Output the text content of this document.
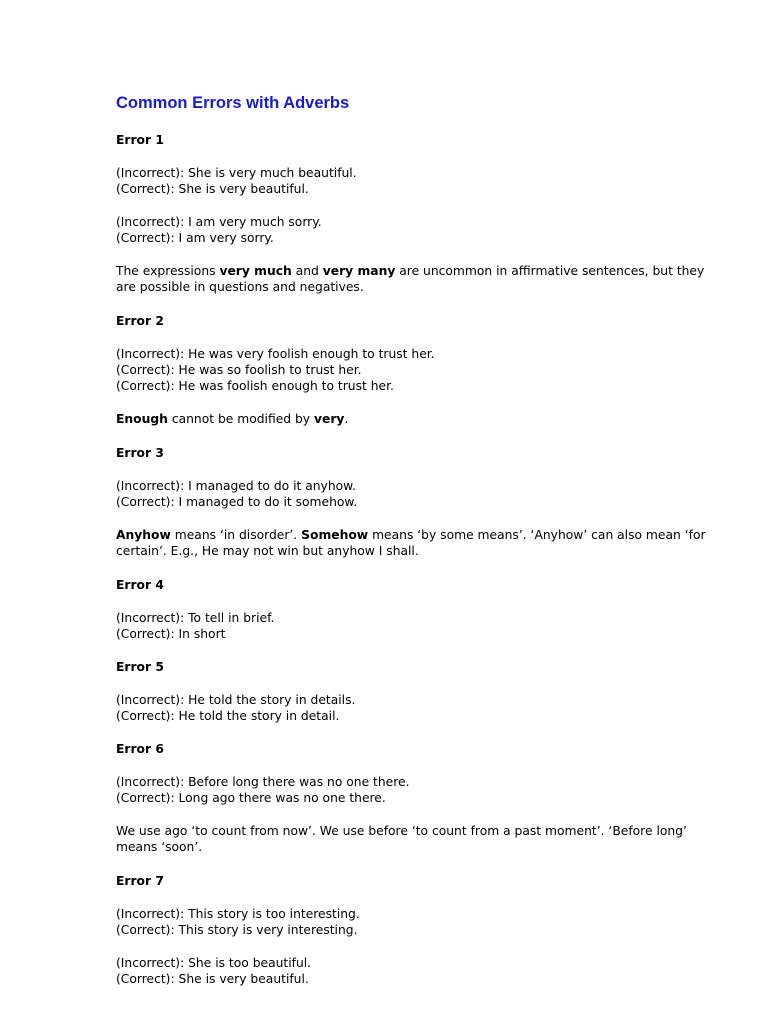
Common Errors with Adverbs
Error 1
(Incorrect): She is very much beautiful.
(Correct): She is very beautiful.
(Incorrect): I am very much sorry.
(Correct): I am very sorry.
The expressions very much and very many are uncommon in affirmative sentences, but they are possible in questions and negatives.
Error 2
(Incorrect): He was very foolish enough to trust her.
(Correct): He was so foolish to trust her.
(Correct): He was foolish enough to trust her.
Enough cannot be modified by very.
Error 3
(Incorrect): I managed to do it anyhow.
(Correct): I managed to do it somehow.
Anyhow means ‘in disorder’. Somehow means ‘by some means’. ‘Anyhow’ can also mean ‘for certain’. E.g., He may not win but anyhow I shall.
Error 4
(Incorrect): To tell in brief.
(Correct): In short
Error 5
(Incorrect): He told the story in details.
(Correct): He told the story in detail.
Error 6
(Incorrect): Before long there was no one there.
(Correct): Long ago there was no one there.
We use ago ‘to count from now’. We use before ‘to count from a past moment’. ‘Before long’ means ‘soon’.
Error 7
(Incorrect): This story is too interesting.
(Correct): This story is very interesting.
(Incorrect): She is too beautiful.
(Correct): She is very beautiful.
